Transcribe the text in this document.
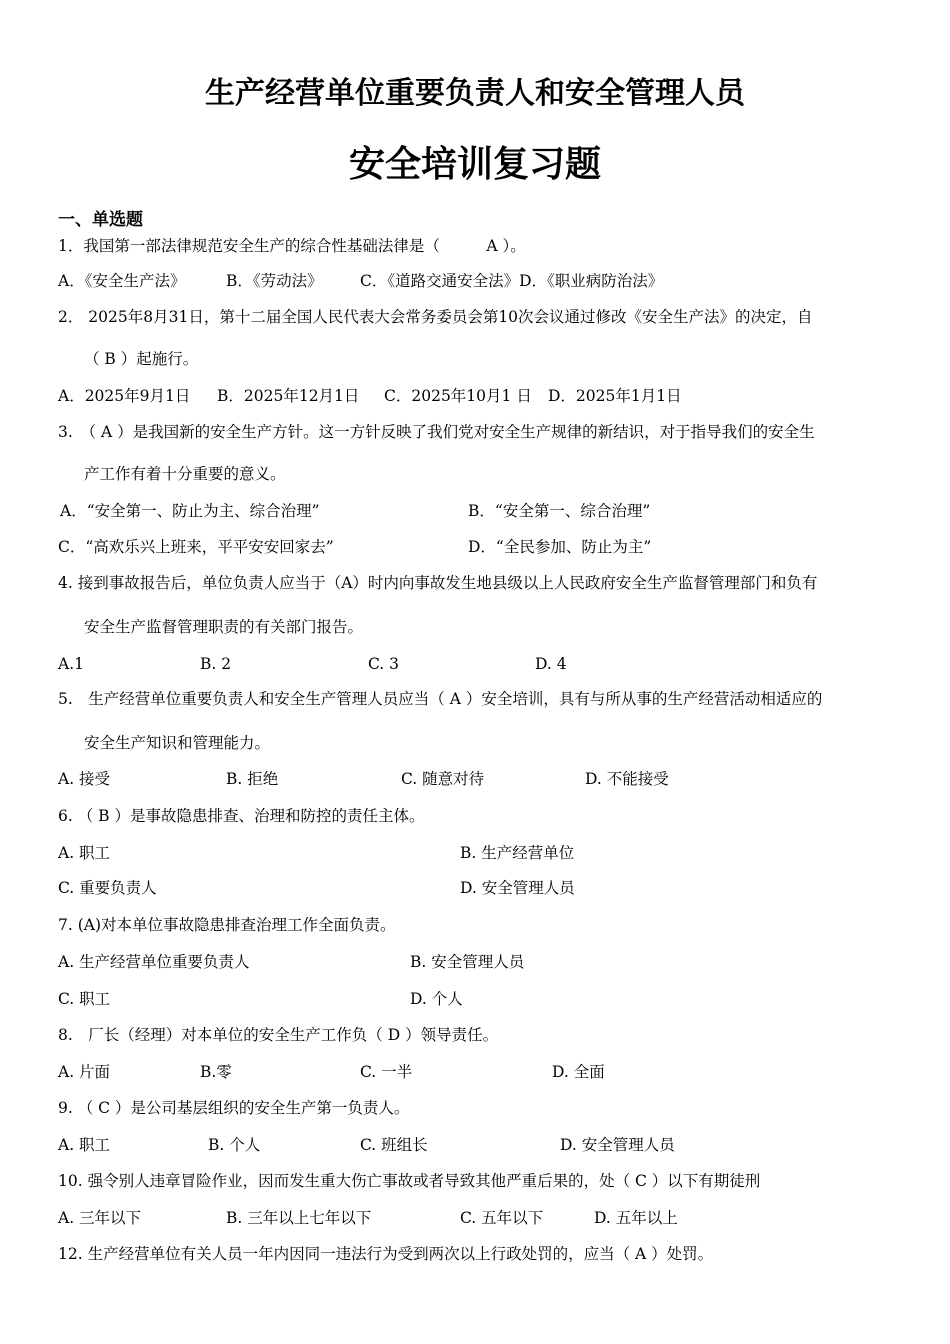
生产经营单位重要负责人和安全管理人员
安全培训复习题
一、单选题
1．我国第一部法律规范安全生产的综合性基础法律是（　　　A ）。
A．《安全生产法》	B．《劳动法》 C．《道路交通安全法》D．《职业病防治法》
2． 2025年8月31日，第十二届全国人民代表大会常务委员会第10次会议通过修改《安全生产法》的决定，自
（ B ）起施行。
A．2025年9月1日 B．2025年12月1日 C．2025年10月1 日 D．2025年1月1日
3.　（ A ）是我国新的安全生产方针。这一方针反映了我们党对安全生产规律的新结识，对于指导我们的安全生
产工作有着十分重要的意义。
A．“安全第一、防止为主、综合治理”	B．“安全第一、综合治理”
C．“高欢乐兴上班来，平平安安回家去”	D．“全民参加、防止为主”
4. 接到事故报告后，单位负责人应当于（A）时内向事故发生地县级以上人民政府安全生产监督管理部门和负有
安全生产监督管理职责的有关部门报告。
A.1	B. 2	C. 3	D. 4
5.　生产经营单位重要负责人和安全生产管理人员应当（ A ）安全培训，具有与所从事的生产经营活动相适应的
安全生产知识和管理能力。
A. 接受	B. 拒绝	C. 随意对待	D. 不能接受
6. （ B ）是事故隐患排查、治理和防控的责任主体。
A. 职工	B. 生产经营单位
C. 重要负责人	D. 安全管理人员
7. (A)对本单位事故隐患排查治理工作全面负责。
A. 生产经营单位重要负责人	B. 安全管理人员
C. 职工	D. 个人
8.　厂长（经理）对本单位的安全生产工作负（ D ）领导责任。
A. 片面	B.零	C. 一半	D. 全面
9. （ C ）是公司基层组织的安全生产第一负责人。
A. 职工	B. 个人	C. 班组长	D. 安全管理人员
10. 强令别人违章冒险作业，因而发生重大伤亡事故或者导致其他严重后果的，处（ C ）以下有期徒刑
A. 三年以下	B. 三年以上七年以下	C. 五年以下	D. 五年以上
12. 生产经营单位有关人员一年内因同一违法行为受到两次以上行政处罚的，应当（ A ）处罚。
